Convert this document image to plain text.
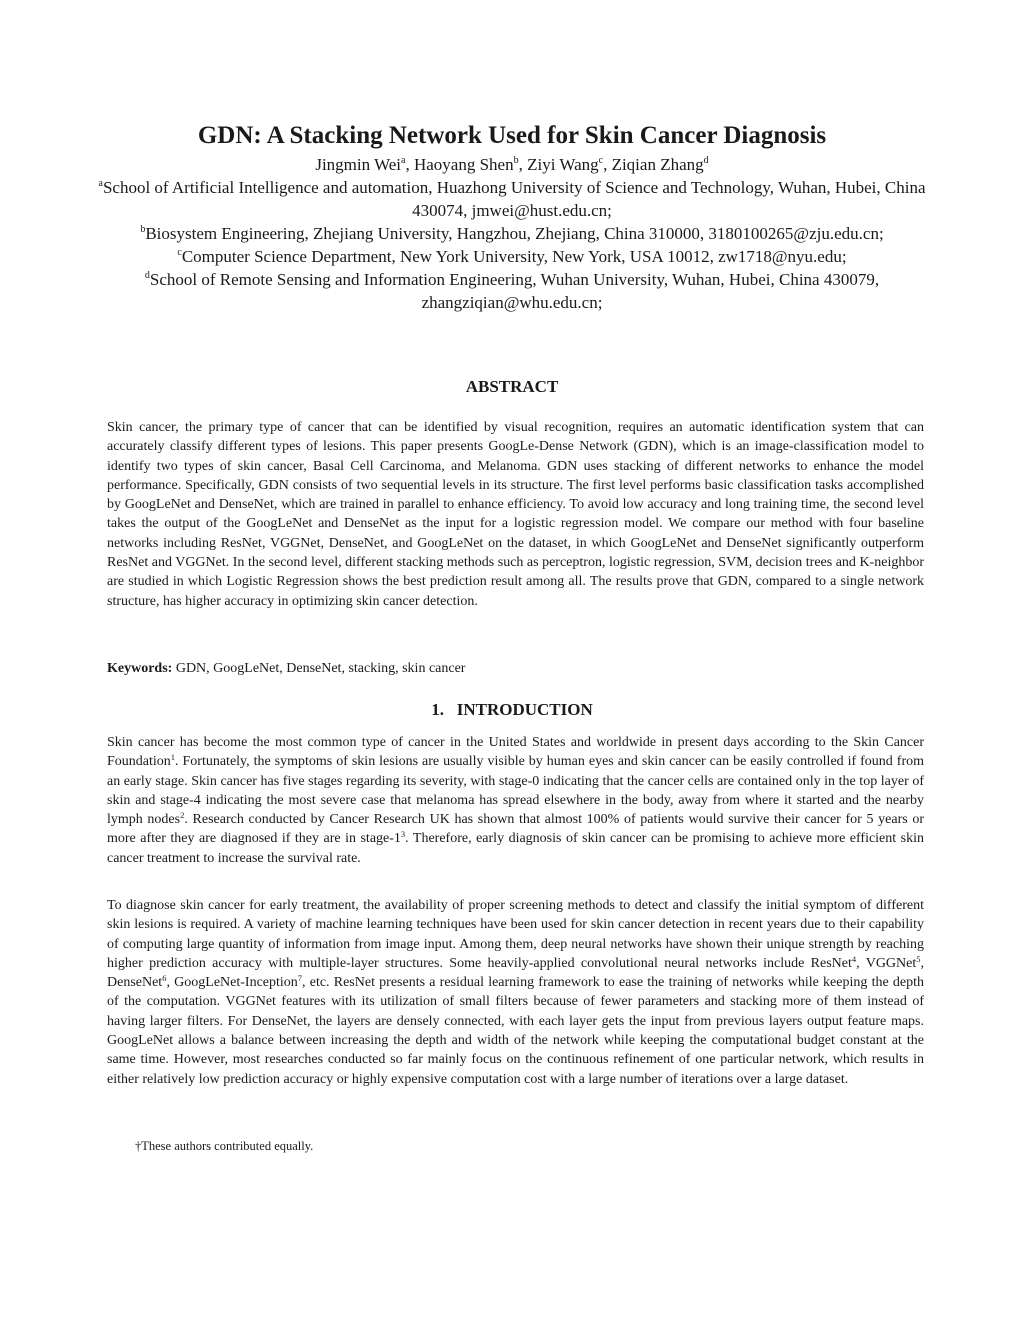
GDN: A Stacking Network Used for Skin Cancer Diagnosis

Jingmin Wei$^a$, Haoyang Shen$^b$, Ziyi Wang$^c$, Ziqian Zhang$^d$

$^a$School of Artificial Intelligence and automation, Huazhong University of Science and Technology, Wuhan, Hubei, China 430074, jmwei@hust.edu.cn;

$^b$Biosystem Engineering, Zhejiang University, Hangzhou, Zhejiang, China 310000, 3180100265@zju.edu.cn;

$^c$Computer Science Department, New York University, New York, USA 10012, zw1718@nyu.edu;

$^d$School of Remote Sensing and Information Engineering, Wuhan University, Wuhan, Hubei, China 430079, zhangziqian@whu.edu.cn;

ABSTRACT

Skin cancer, the primary type of cancer that can be identified by visual recognition, requires an automatic identification system that can accurately classify different types of lesions. This paper presents GoogLe-Dense Network (GDN), which is an image-classification model to identify two types of skin cancer, Basal Cell Carcinoma, and Melanoma. GDN uses stacking of different networks to enhance the model performance. Specifically, GDN consists of two sequential levels in its structure. The first level performs basic classification tasks accomplished by GoogLeNet and DenseNet, which are trained in parallel to enhance efficiency. To avoid low accuracy and long training time, the second level takes the output of the GoogLeNet and DenseNet as the input for a logistic regression model. We compare our method with four baseline networks including ResNet, VGGNet, DenseNet, and GoogLeNet on the dataset, in which GoogLeNet and DenseNet significantly outperform ResNet and VGGNet. In the second level, different stacking methods such as perceptron, logistic regression, SVM, decision trees and K-neighbor are studied in which Logistic Regression shows the best prediction result among all. The results prove that GDN, compared to a single network structure, has higher accuracy in optimizing skin cancer detection.

Keywords: GDN, GoogLeNet, DenseNet, stacking, skin cancer

1.   INTRODUCTION

Skin cancer has become the most common type of cancer in the United States and worldwide in present days according to the Skin Cancer Foundation$^1$. Fortunately, the symptoms of skin lesions are usually visible by human eyes and skin cancer can be easily controlled if found from an early stage. Skin cancer has five stages regarding its severity, with stage-0 indicating that the cancer cells are contained only in the top layer of skin and stage-4 indicating the most severe case that melanoma has spread elsewhere in the body, away from where it started and the nearby lymph nodes$^2$. Research conducted by Cancer Research UK has shown that almost 100% of patients would survive their cancer for 5 years or more after they are diagnosed if they are in stage-$1^3$. Therefore, early diagnosis of skin cancer can be promising to achieve more efficient skin cancer treatment to increase the survival rate.

To diagnose skin cancer for early treatment, the availability of proper screening methods to detect and classify the initial symptom of different skin lesions is required. A variety of machine learning techniques have been used for skin cancer detection in recent years due to their capability of computing large quantity of information from image input. Among them, deep neural networks have shown their unique strength by reaching higher prediction accuracy with multiple-layer structures. Some heavily-applied convolutional neural networks include ResNet$^4$, VGGNet$^5$, DenseNet$^6$, GoogLeNet-Inception$^7$, etc. ResNet presents a residual learning framework to ease the training of networks while keeping the depth of the computation. VGGNet features with its utilization of small filters because of fewer parameters and stacking more of them instead of having larger filters. For DenseNet, the layers are densely connected, with each layer gets the input from previous layers output feature maps. GoogLeNet allows a balance between increasing the depth and width of the network while keeping the computational budget constant at the same time. However, most researches conducted so far mainly focus on the continuous refinement of one particular network, which results in either relatively low prediction accuracy or highly expensive computation cost with a large number of iterations over a large dataset.

†These authors contributed equally.
